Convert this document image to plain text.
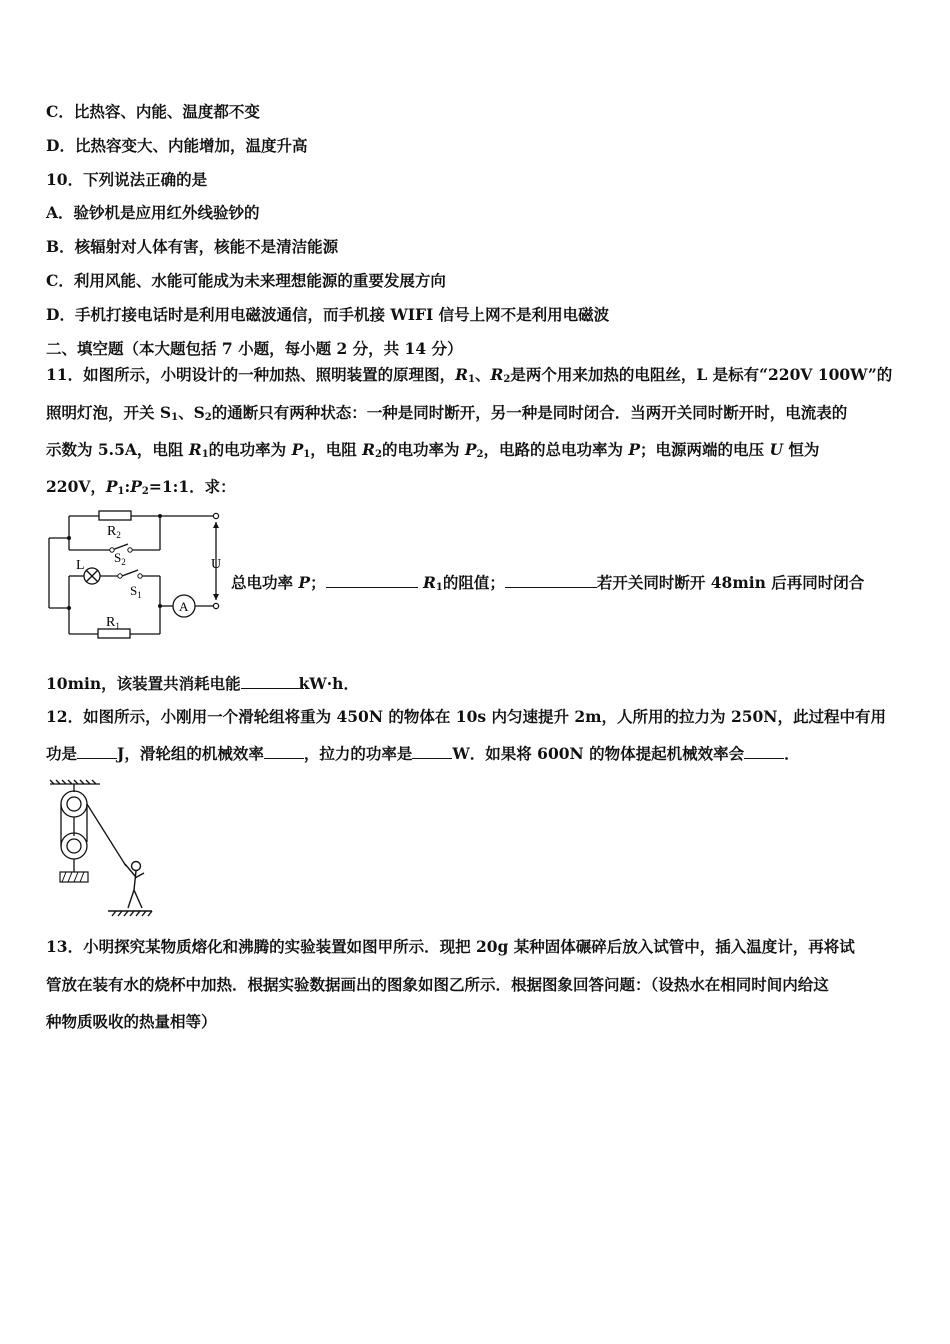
C．比热容、内能、温度都不变
D．比热容变大、内能增加，温度升高
10．下列说法正确的是
A．验钞机是应用红外线验钞的
B．核辐射对人体有害，核能不是清洁能源
C．利用风能、水能可能成为未来理想能源的重要发展方向
D．手机打接电话时是利用电磁波通信，而手机接 WIFI 信号上网不是利用电磁波
二、填空题（本大题包括 7 小题，每小题 2 分，共 14 分）
11．如图所示，小明设计的一种加热、照明装置的原理图，$R_1$、$R_2$是两个用来加热的电阻丝，L 是标有“220V 100W”的
照明灯泡，开关 $S_1$、$S_2$的通断只有两种状态：一种是同时断开，另一种是同时闭合．当两开关同时断开时，电流表的
示数为 5.5A，电阻 $R_1$的电功率为 $P_1$，电阻 $R_2$的电功率为 $P_2$，电路的总电功率为 P；电源两端的电压 U 恒为
220V，$P_1:P_2=1:1$．求：
$R_2$
$S_2$
L
$S_1$
U
A
$R_1$
总电功率 P；	$R_1$的阻值；	若开关同时断开 48min 后再同时闭合
10min，该装置共消耗电能	kW·h．
12．如图所示，小刚用一个滑轮组将重为 450N 的物体在 10s 内匀速提升 2m，人所用的拉力为 250N，此过程中有用
功是	J，滑轮组的机械效率	，拉力的功率是	W．如果将 600N 的物体提起机械效率会	．
13．小明探究某物质熔化和沸腾的实验装置如图甲所示．现把 20g 某种固体碾碎后放入试管中，插入温度计，再将试
管放在装有水的烧杯中加热．根据实验数据画出的图象如图乙所示．根据图象回答问题：（设热水在相同时间内给这
种物质吸收的热量相等）
